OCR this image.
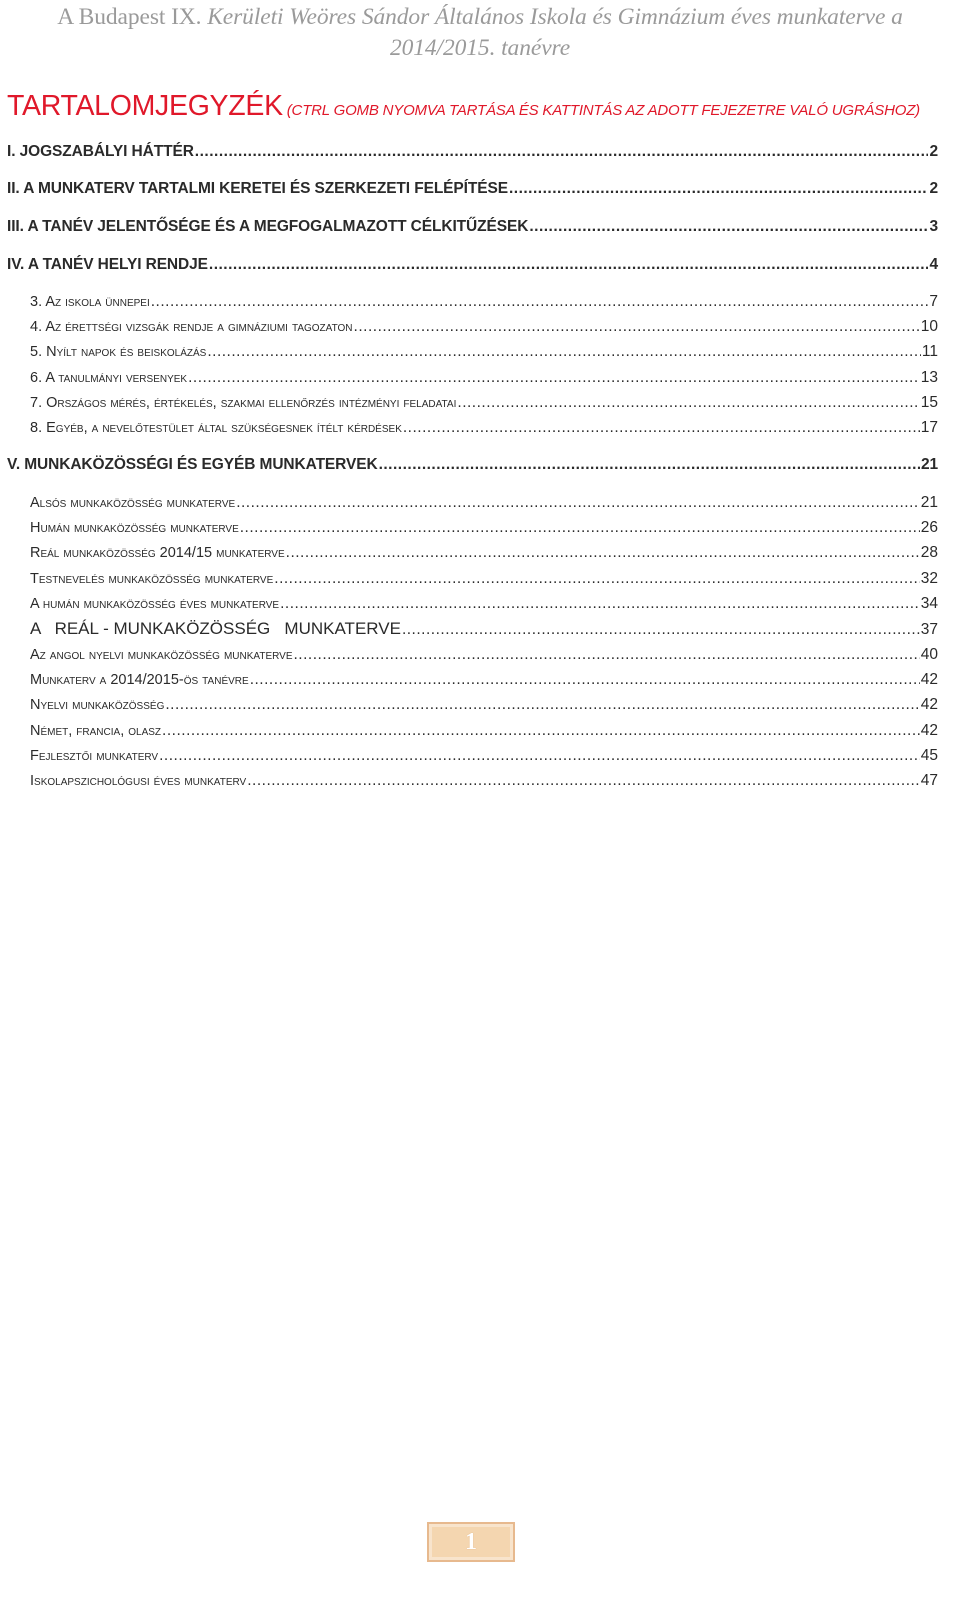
A Budapest IX. Kerületi Weöres Sándor Általános Iskola és Gimnázium éves munkaterve a
2014/2015. tanévre
TARTALOMJEGYZÉK (CTRL GOMB NYOMVA TARTÁSA ÉS KATTINTÁS AZ ADOTT FEJEZETRE VALÓ UGRÁSHOZ)
I. JOGSZABÁLYI HÁTTÉR .....	2
II. A MUNKATERV TARTALMI KERETEI ÉS SZERKEZETI FELÉPÍTÉSE .....	2
III. A TANÉV JELENTŐSÉGE ÉS A MEGFOGALMAZOTT CÉLKITŰZÉSEK .....	3
IV. A TANÉV HELYI RENDJE .....	4
3. Az iskola ünnepei .....	7
4. Az érettségi vizsgák rendje a gimnáziumi tagozaton .....	10
5. Nyílt napok és beiskolázás .....	11
6. A tanulmányi versenyek .....	13
7. Országos mérés, értékelés, szakmai ellenőrzés intézményi feladatai .....	15
8. Egyéb, a nevelőtestület által szükségesnek ítélt kérdések .....	17
V. MUNKAKÖZÖSSÉGI ÉS EGYÉB MUNKATERVEK .....	21
Alsós munkaközösség munkaterve .....	21
Humán munkaközösség munkaterve .....	26
Reál munkaközösség 2014/15 munkaterve .....	28
Testnevelés munkaközösség munkaterve .....	32
A humán munkaközösség éves munkaterve .....	34
A   REÁL - MUNKAKÖZÖSSÉG   MUNKATERVE .....	37
Az angol nyelvi munkaközösség munkaterve .....	40
Munkaterv a 2014/2015-ös tanévre .....	42
Nyelvi munkaközösség .....	42
Német, francia, olasz .....	42
Fejlesztői munkaterv .....	45
Iskolapszichológusi éves munkaterv .....	47
1
